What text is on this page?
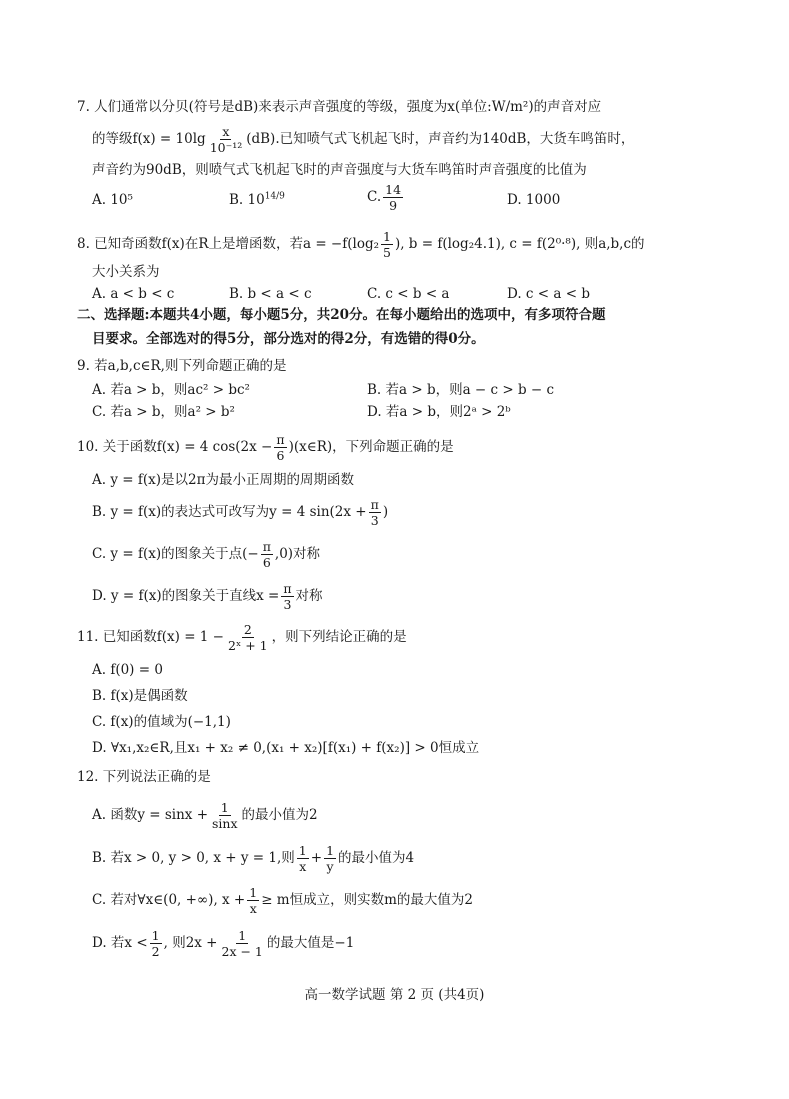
7. 人们通常以分贝(符号是dB)来表示声音强度的等级，强度为x(单位:W/m²)的声音对应
的等级$f(x) = 10\lg \frac{x}{\text{10⁻¹²}} (dB)$.已知喷气式飞机起飞时，声音约为140dB，大货车鸣笛时，
声音约为90dB，则喷气式飞机起飞时的声音强度与大货车鸣笛时声音强度的比值为
A. 10⁵	B. $10^{14/9}$	C. $\frac{14}{9}$	D. 1000
8. 已知奇函数f(x)在R上是增函数，若$a = -f(\log_2 \frac{1}{5}$ ), b = f(log₂4.1), c = f(2⁰·⁸), 则a,b,c的
大小关系为
A. a < b < c	B. b < a < c	C. c < b < a	D. c < a < b
二、选择题:本题共4小题，每小题5分，共20分。在每小题给出的选项中，有多项符合题
目要求。全部选对的得5分，部分选对的得2分，有选错的得0分。
9. 若a,b,c∈R,则下列命题正确的是
A. 若a > b，则ac² > bc²	B. 若a > b，则a − c > b − c
C. 若a > b，则a² > b²	D. 若a > b，则2ᵃ > 2ᵇ
10. 关于函数f(x) = 4 $\cos(2x - \frac{\pi}{6}$ )(x∈R)，下列命题正确的是
A. y = f(x)是以2π为最小正周期的周期函数
B. y = f(x)的表达式可改写为y = 4 $\sin(2x + \frac{\pi}{3}$ )
C. y = f(x)的图象关于点(− $\frac{\pi}{6} ,0$)对称
D. y = f(x)的图象关于直线$x = \frac{\pi}{3}$ 对称
11. 已知函数$f(x) = 1 - \frac{2}{\text{2ˣ + 1}}$ ，则下列结论正确的是
A. f(0) = 0
B. f(x)是偶函数
C. f(x)的值域为(−1,1)
D. ∀x₁,x₂∈R,且x₁ + x₂ ≠ 0,(x₁ + x₂)[f(x₁) + f(x₂)] > 0恒成立
12. 下列说法正确的是
A. 函数$y = \sin x + \frac{1}{\sin x}$ 的最小值为2
B. 若x > 0, y > 0, x + y = 1,则 $\frac{1}{x} + \frac{1}{y}$ 的最小值为4
C. 若对∀x∈(0, +∞), $x + \frac{1}{x} \ge m$恒成立，则实数m的最大值为2
D. 若$x < \frac{1}{2}$ , 则$2x + \frac{1}{2x - 1}$ 的最大值是−1
高一数学试题 第 2 页 (共4页)
